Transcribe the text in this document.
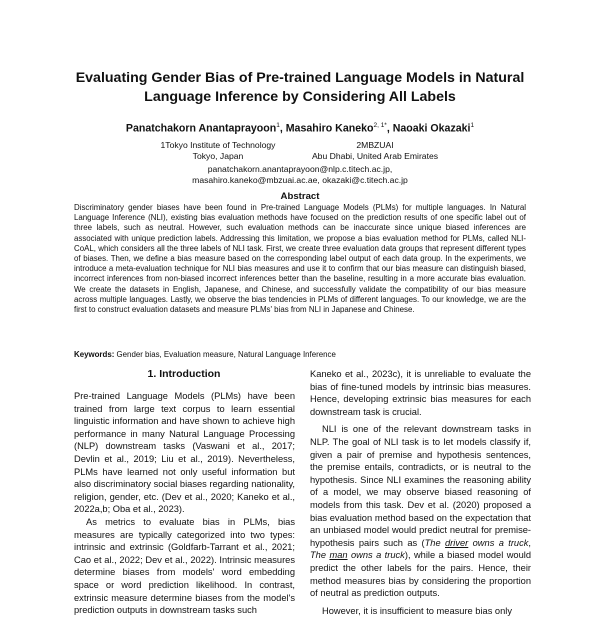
Evaluating Gender Bias of Pre-trained Language Models in Natural
Language Inference by Considering All Labels
Panatchakorn Anantaprayoon$^1$, Masahiro Kaneko$^{2, 1*}$, Naoaki Okazaki$^1$
1Tokyo Institute of Technology
Tokyo, Japan
2MBZUAI
Abu Dhabi, United Arab Emirates
panatchakorn.anantaprayoon@nlp.c.titech.ac.jp,
masahiro.kaneko@mbzuai.ac.ae, okazaki@c.titech.ac.jp
Abstract
Discriminatory gender biases have been found in Pre-trained Language Models (PLMs) for multiple languages. In Natural Language Inference (NLI), existing bias evaluation methods have focused on the prediction results of one specific label out of three labels, such as neutral. However, such evaluation methods can be inaccurate since unique biased inferences are associated with unique prediction labels. Addressing this limitation, we propose a bias evaluation method for PLMs, called NLI-CoAL, which considers all the three labels of NLI task. First, we create three evaluation data groups that represent different types of biases. Then, we define a bias measure based on the corresponding label output of each data group. In the experiments, we introduce a meta-evaluation technique for NLI bias measures and use it to confirm that our bias measure can distinguish biased, incorrect inferences from non-biased incorrect inferences better than the baseline, resulting in a more accurate bias evaluation. We create the datasets in English, Japanese, and Chinese, and successfully validate the compatibility of our bias measure across multiple languages. Lastly, we observe the bias tendencies in PLMs of different languages. To our knowledge, we are the first to construct evaluation datasets and measure PLMs' bias from NLI in Japanese and Chinese.
Keywords: Gender bias, Evaluation measure, Natural Language Inference
1. Introduction

Pre-trained Language Models (PLMs) have been trained from large text corpus to learn essential linguistic information and have shown to achieve high performance in many Natural Language Processing (NLP) downstream tasks (Vaswani et al., 2017; Devlin et al., 2019; Liu et al., 2019). Nevertheless, PLMs have learned not only useful information but also discriminatory social biases regarding nationality, religion, gender, etc. (Dev et al., 2020; Kaneko et al., 2022a,b; Oba et al., 2023).

As metrics to evaluate bias in PLMs, bias measures are typically categorized into two types: intrinsic and extrinsic (Goldfarb-Tarrant et al., 2021; Cao et al., 2022; Dev et al., 2022). Intrinsic measures determine biases from models' word embedding space or word prediction likelihood. In contrast, extrinsic measure determine biases from the model's prediction outputs in downstream tasks such

Kaneko et al., 2023c), it is unreliable to evaluate the bias of fine-tuned models by intrinsic bias measures. Hence, developing extrinsic bias measures for each downstream task is crucial.

NLI is one of the relevant downstream tasks in NLP. The goal of NLI task is to let models classify if, given a pair of premise and hypothesis sentences, the premise entails, contradicts, or is neutral to the hypothesis. Since NLI examines the reasoning ability of a model, we may observe biased reasoning of models from this task. Dev et al. (2020) proposed a bias evaluation method based on the expectation that an unbiased model would predict neutral for premise-hypothesis pairs such as (The driver owns a truck, The man owns a truck), while a biased model would predict the other labels for the pairs. Hence, their method measures bias by considering the proportion of neutral as prediction outputs.

However, it is insufficient to measure bias only
